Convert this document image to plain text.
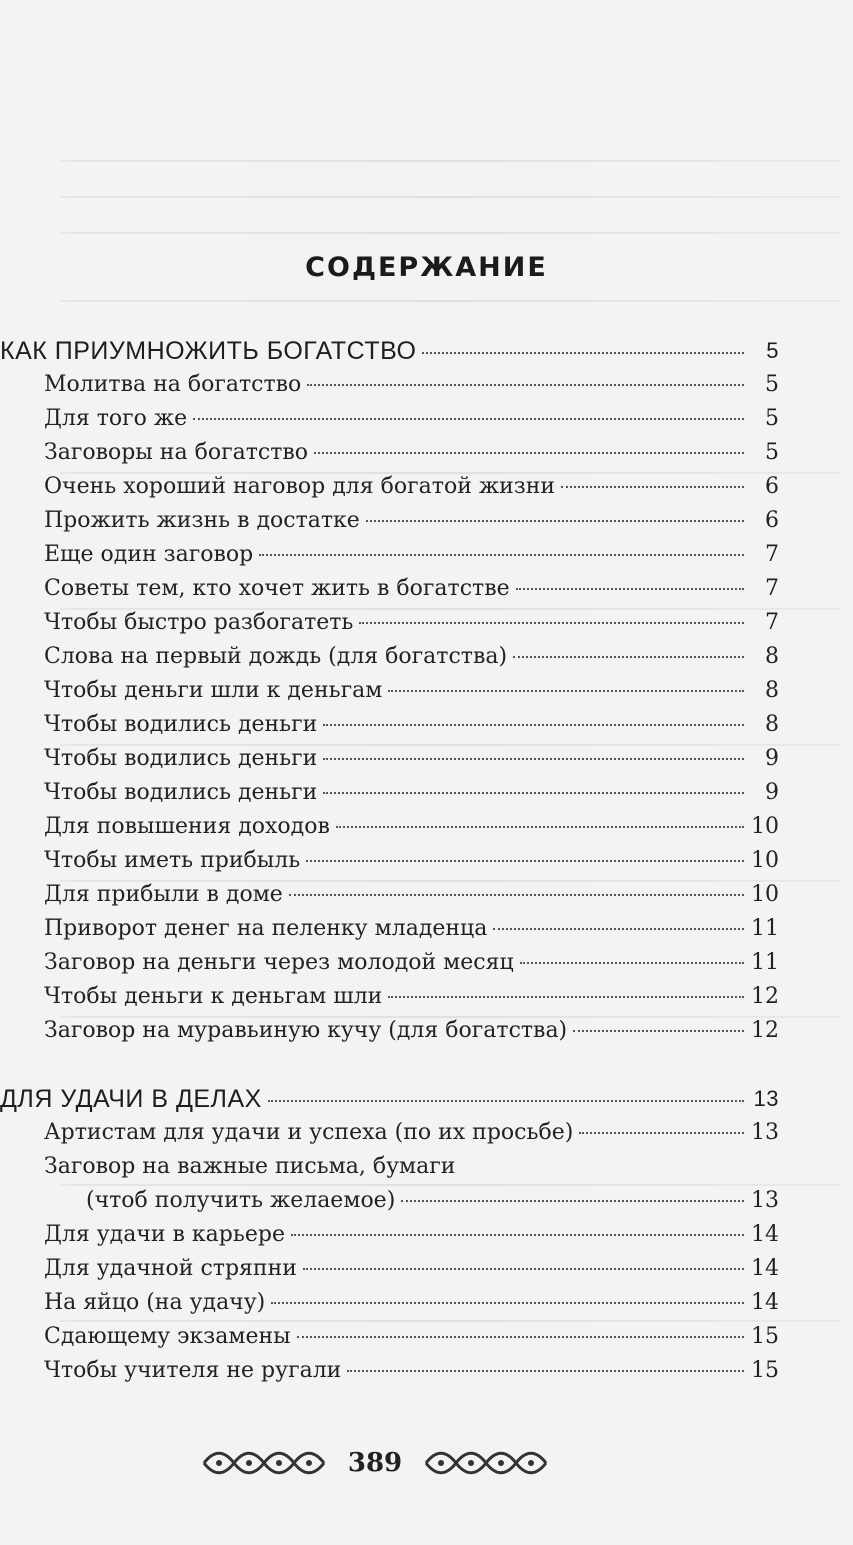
СОДЕРЖАНИЕ
КАК ПРИУМНОЖИТЬ БОГАТСТВО	5
Молитва на богатство	5
Для того же	5
Заговоры на богатство	5
Очень хороший наговор для богатой жизни	6
Прожить жизнь в достатке	6
Еще один заговор	7
Советы тем, кто хочет жить в богатстве	7
Чтобы быстро разбогатеть	7
Слова на первый дождь (для богатства)	8
Чтобы деньги шли к деньгам	8
Чтобы водились деньги	8
Чтобы водились деньги	9
Чтобы водились деньги	9
Для повышения доходов	10
Чтобы иметь прибыль	10
Для прибыли в доме	10
Приворот денег на пеленку младенца	11
Заговор на деньги через молодой месяц	11
Чтобы деньги к деньгам шли	12
Заговор на муравьиную кучу (для богатства)	12
ДЛЯ УДАЧИ В ДЕЛАХ	13
Артистам для удачи и успеха (по их просьбе)	13
Заговор на важные письма, бумаги
(чтоб получить желаемое)	13
Для удачи в карьере	14
Для удачной стряпни	14
На яйцо (на удачу)	14
Сдающему экзамены	15
Чтобы учителя не ругали	15
389
